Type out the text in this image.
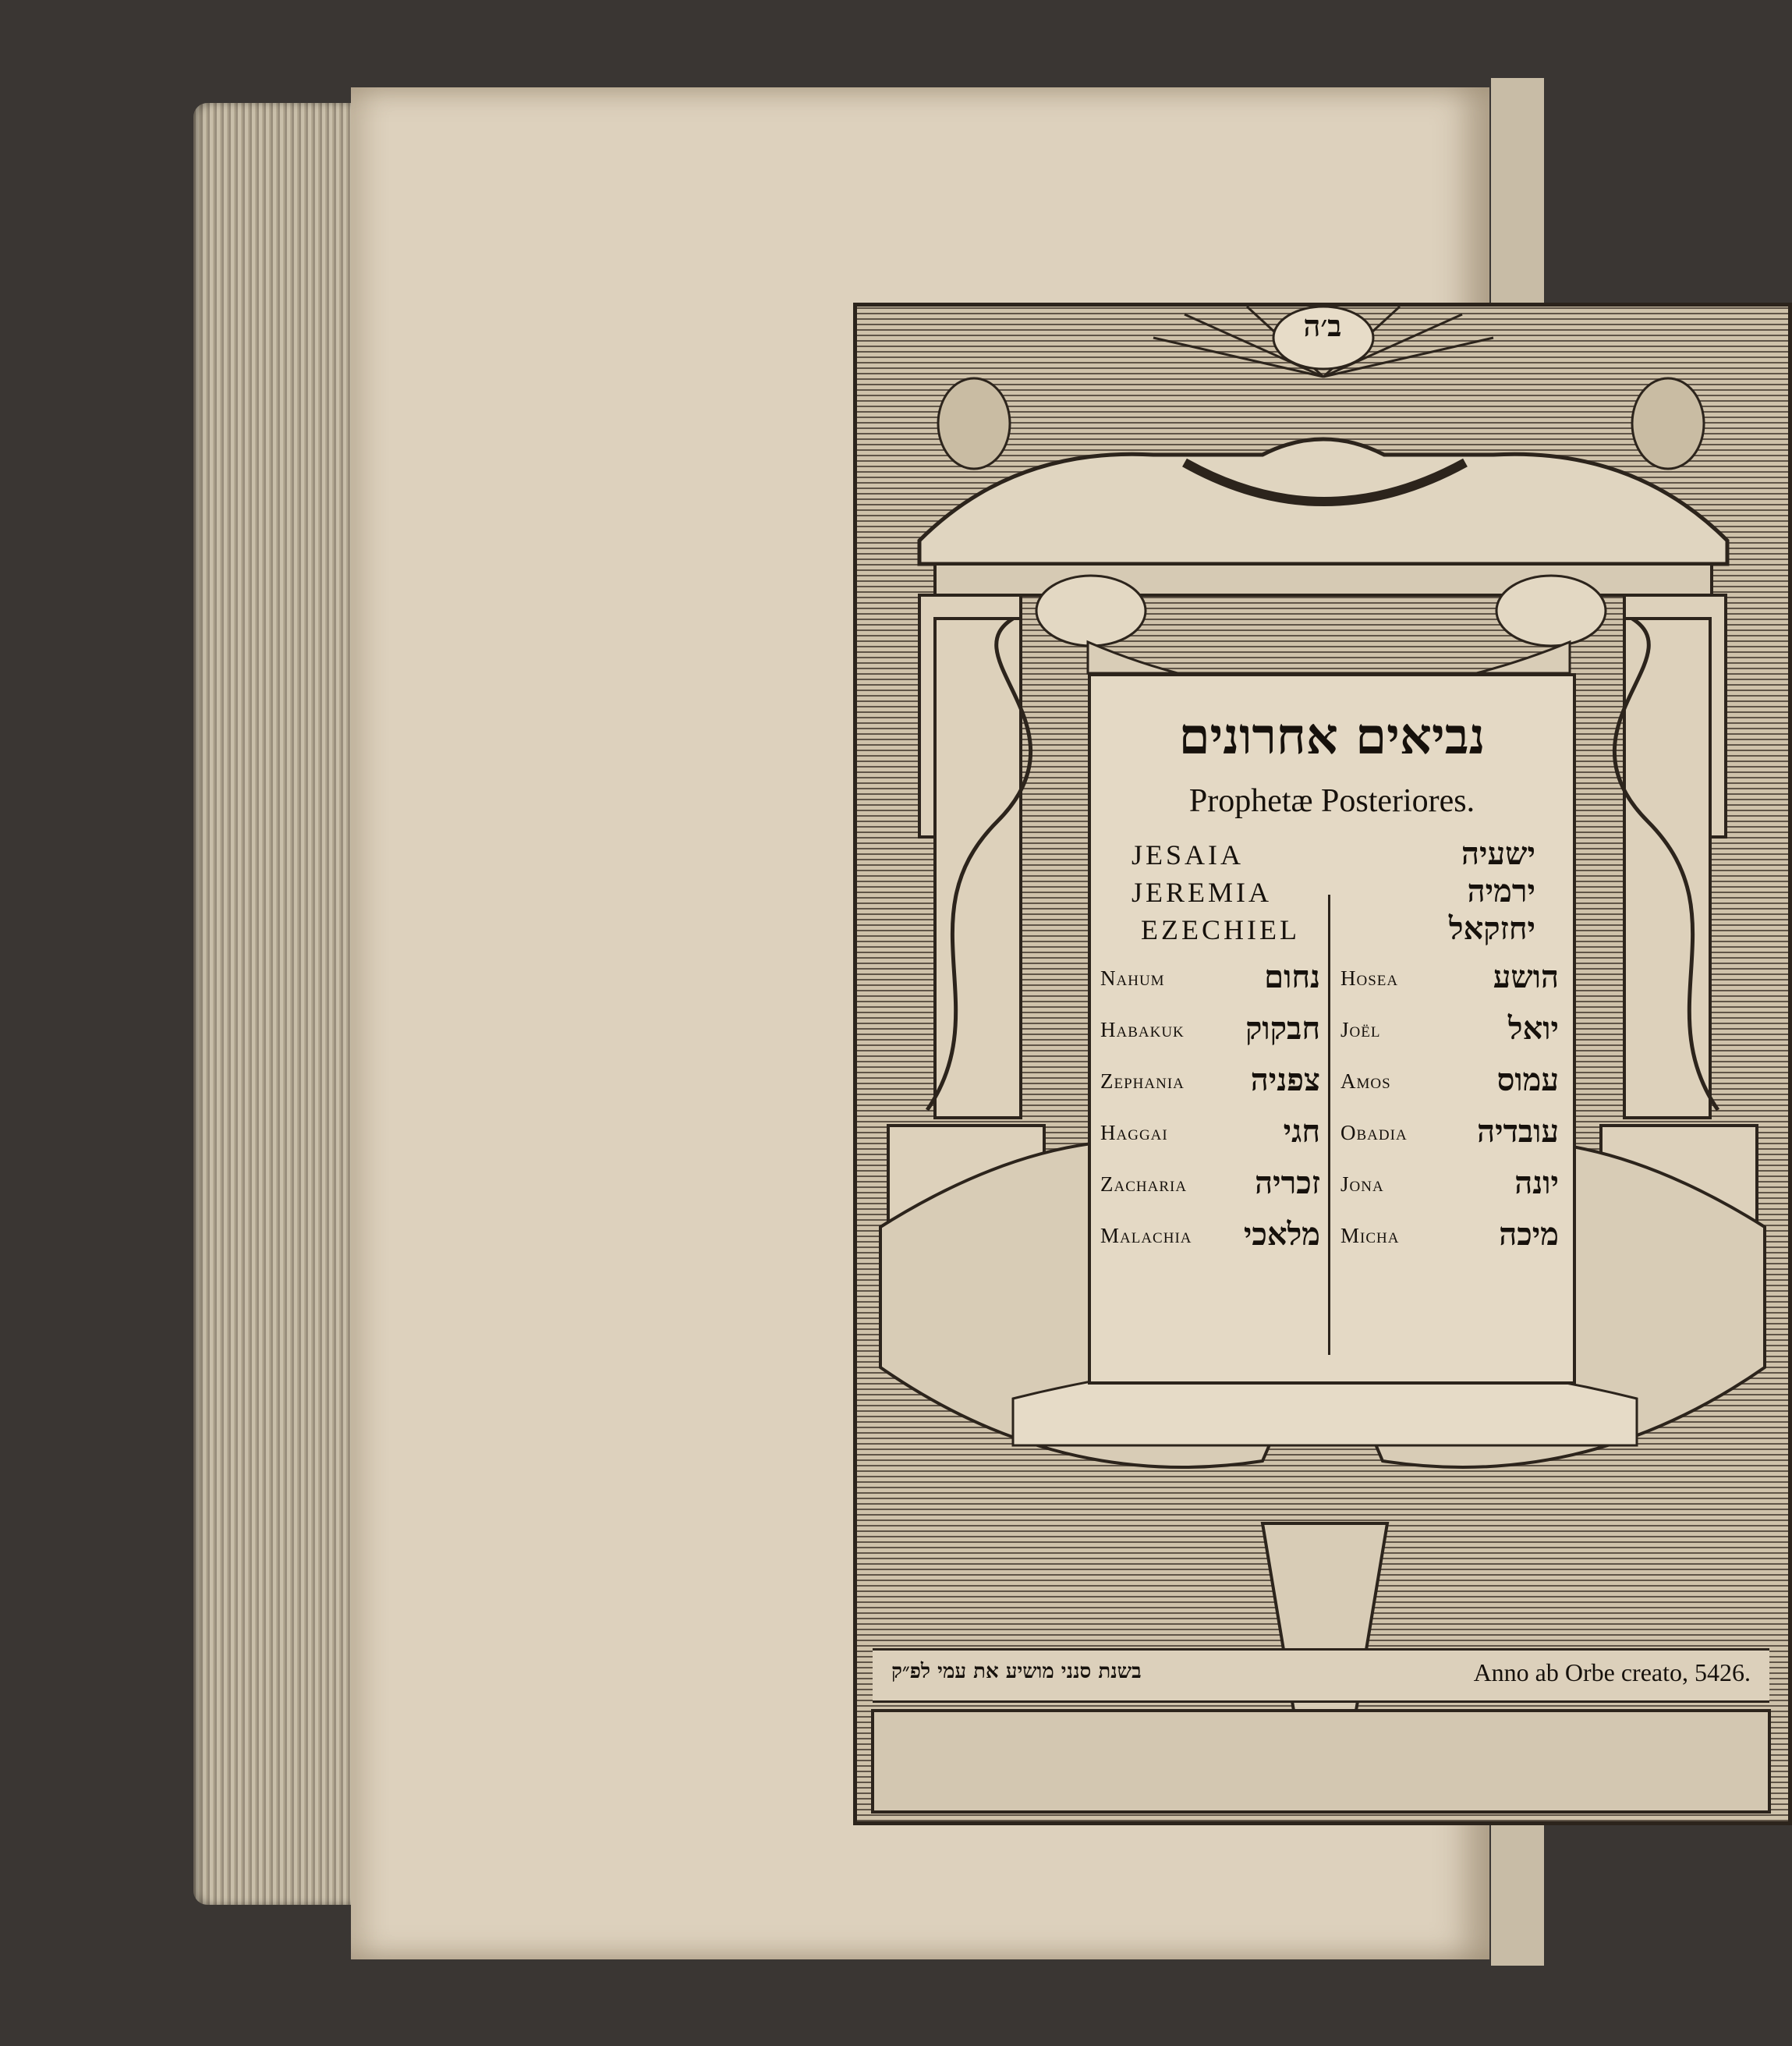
ב׳ה
נביאים אחרונים
Prophetæ Posteriores.
JESAIA	ישעיה
JEREMIA	ירמיה
EZECHIEL	יחזקאל
Nahum	נחום
Habakuk	חבקוק
Zephania	צפניה
Haggai	חגי
Zacharia	זכריה
Malachia	מלאכי
Hosea	הושע
Joël	יואל
Amos	עמוס
Obadia	עובדיה
Jona	יונה
Micha	מיכה
בשנת סנני מושיע את עמי לפ״ק	Anno ab Orbe creato, 5426.
